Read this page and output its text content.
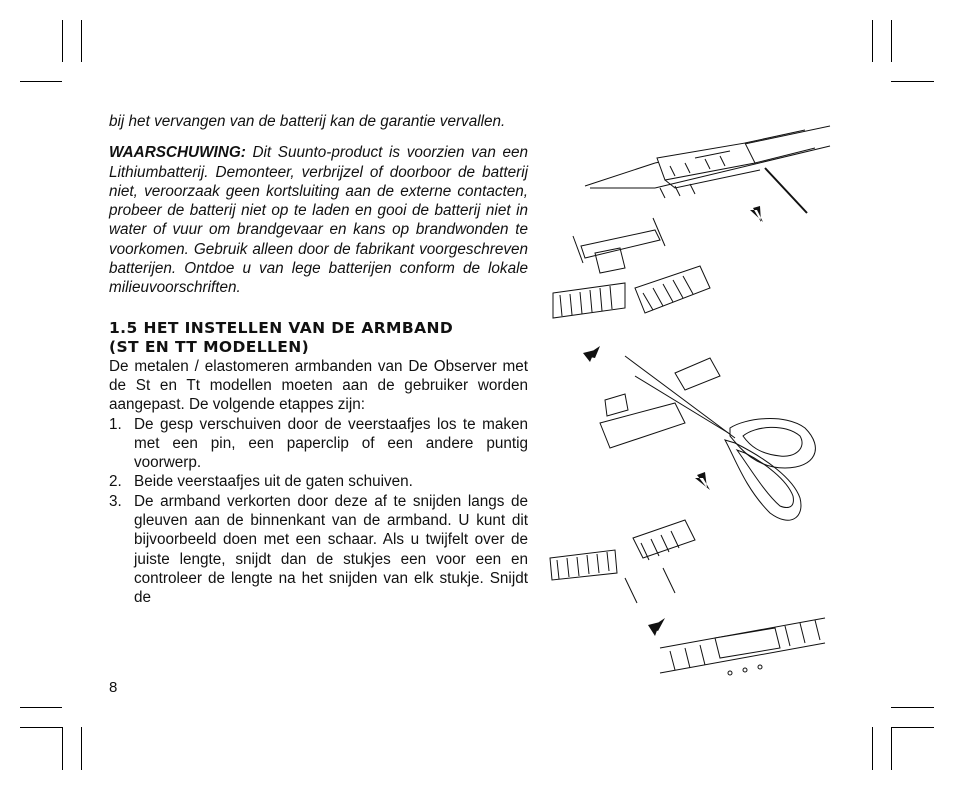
bij het vervangen van de batterij kan de garantie vervallen.

WAARSCHUWING: Dit Suunto-product is voorzien van een Lithiumbatterij. Demonteer, verbrijzel of doorboor de batterij niet, veroorzaak geen kortsluiting aan de externe contacten, probeer de batterij niet op te laden en gooi de batterij niet in water of vuur om brandgevaar en kans op brandwonden te voorkomen. Gebruik alleen door de fabrikant voorgeschreven batterijen. Ontdoe u van lege batterijen conform de lokale milieuvoorschriften.

1.5 HET INSTELLEN VAN DE ARMBAND
(ST EN TT MODELLEN)

De metalen / elastomeren armbanden van De Observer met de St en Tt modellen moeten aan de gebruiker worden aangepast. De volgende etappes zijn:

1. De gesp verschuiven door de veerstaafjes los te maken met een pin, een paperclip of een andere puntig voorwerp.
2. Beide veerstaafjes uit de gaten schuiven.
3. De armband verkorten door deze af te snijden langs de gleuven aan de binnenkant van de armband. U kunt dit bijvoorbeeld doen met een schaar. Als u twijfelt over de juiste lengte, snijdt dan de stukjes een voor een en controleer de lengte na het snijden van elk stukje. Snijdt de
8
